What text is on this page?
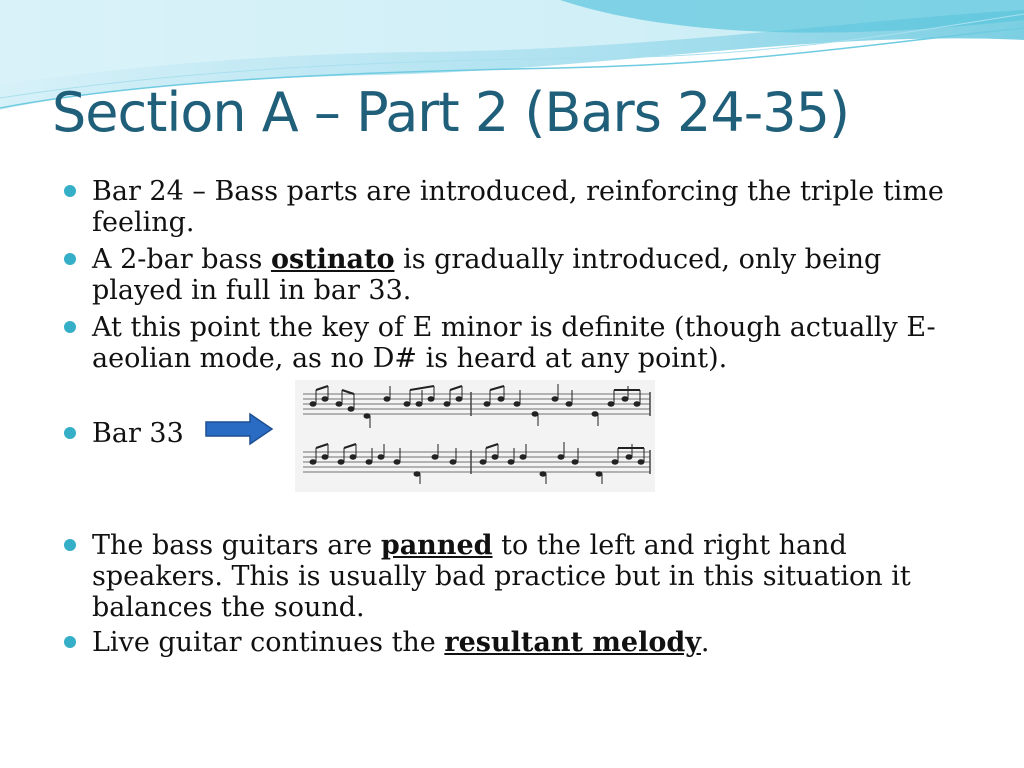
Section A – Part 2 (Bars 24-35)
Bar 24 – Bass parts are introduced, reinforcing the triple time feeling.
A 2-bar bass ostinato is gradually introduced, only being played in full in bar 33.
At this point the key of E minor is definite (though actually E-aeolian mode, as no D# is heard at any point).
Bar 33
The bass guitars are panned to the left and right hand speakers. This is usually bad practice but in this situation it balances the sound.
Live guitar continues the resultant melody.
